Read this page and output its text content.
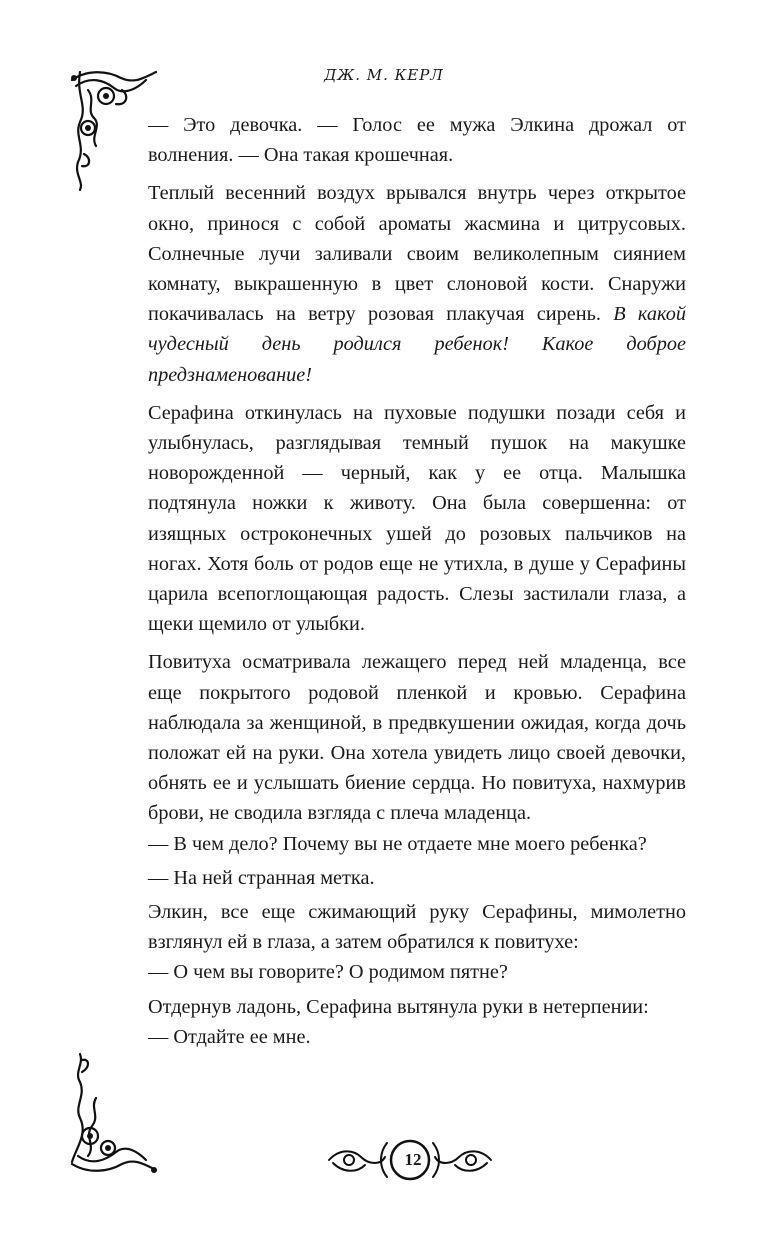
ДЖ. М. КЕРЛ

— Это девочка. — Голос ее мужа Элкина дрожал от волнения. — Она такая крошечная.

Теплый весенний воздух врывался внутрь через открытое окно, принося с собой ароматы жасмина и цитрусовых. Солнечные лучи заливали своим великолепным сиянием комнату, выкрашенную в цвет слоновой кости. Снаружи покачивалась на ветру розовая плакучая сирень. В какой чудесный день родился ребенок! Какое доброе предзнаменование!

Серафина откинулась на пуховые подушки позади себя и улыбнулась, разглядывая темный пушок на макушке новорожденной — черный, как у ее отца. Малышка подтянула ножки к животу. Она была совершенна: от изящных остроконечных ушей до розовых пальчиков на ногах. Хотя боль от родов еще не утихла, в душе у Серафины царила всепоглощающая радость. Слезы застилали глаза, а щеки щемило от улыбки.

Повитуха осматривала лежащего перед ней младенца, все еще покрытого родовой пленкой и кровью. Серафина наблюдала за женщиной, в предвкушении ожидая, когда дочь положат ей на руки. Она хотела увидеть лицо своей девочки, обнять ее и услышать биение сердца. Но повитуха, нахмурив брови, не сводила взгляда с плеча младенца.

— В чем дело? Почему вы не отдаете мне моего ребенка?

— На ней странная метка.

Элкин, все еще сжимающий руку Серафины, мимолетно взглянул ей в глаза, а затем обратился к повитухе:

— О чем вы говорите? О родимом пятне?

Отдернув ладонь, Серафина вытянула руки в нетерпении:

— Отдайте ее мне.

12
